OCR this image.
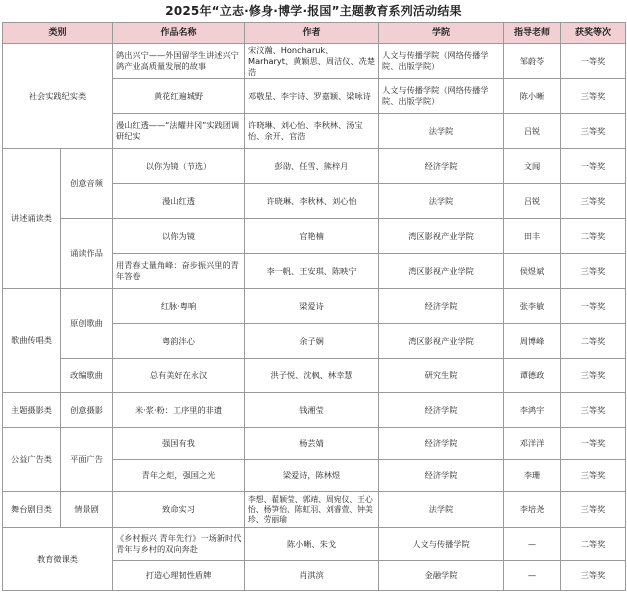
2025年“立志·修身·博学·报国”主题教育系列活动结果
类别		作品名称	作者	学院	指导老师	获奖等次
社会实践纪实类		鸽出兴宁——外国留学生讲述兴宁鸽产业高质量发展的故事	宋汶瀚、Honcharuk、Marharyt、黄颖思、周洁仪、冼楚浩	人文与传播学院（网络传播学院、出版学院）	邹蔚苓	一等奖
		黄花红遍城野	邓敬星、李宇诗、罗嘉颖、梁咏诗	人文与传播学院（网络传播学院、出版学院）	陈小晰	三等奖
		漫山红透——“法耀井冈”实践团调研纪实	许晓琳、刘心怡、李秋林、汤宝怡、余开、官浩	法学院	吕锐	三等奖
讲述诵读类	创意音频	以你为镜（节选）	彭劭、任雪、熊梓月	经济学院	文闻	一等奖
		漫山红透	许晓琳、李秋林、刘心怡	法学院	吕锐	三等奖
	诵读作品	以你为镜	官艳楠	湾区影视产业学院	田丰	二等奖
		用青春丈量角峰：奋步振兴里的青年答卷	李一帆、王安琪、陈映宁	湾区影视产业学院	侯煜斌	三等奖
歌曲传唱类	原创歌曲	红脉·粤响	梁爱诗	经济学院	张李敏	一等奖
		粤韵泮心	余子娴	湾区影视产业学院	周博峰	二等奖
	改编歌曲	总有美好在永汉	洪子悦、沈枫、林幸慧	研究生院	谭德政	三等奖
主题摄影类	创意摄影	米·浆·粉：工序里的非遗	钱湘莹	经济学院	李鸿宇	三等奖
公益广告类	平面广告	强国有我	杨芸婧	经济学院	邓洋洋	一等奖
		青年之炬，强国之光	梁爱诗，陈林煜	经济学院	李珊	三等奖
舞台剧目类	情景剧	致命实习	李想、翟颖莹、郭靖、周宛仪、王心怡、杨笋怡、陈虹羽、刘睿萱、钟美珍、劳丽瑜	法学院	李培尧	三等奖
教育微课类		《乡村振兴 青年先行》一场新时代青年与乡村的双向奔赴	陈小晰、朱戈	人文与传播学院	—	二等奖
		打造心理韧性盾牌	肖淇滨	金融学院	—	三等奖
